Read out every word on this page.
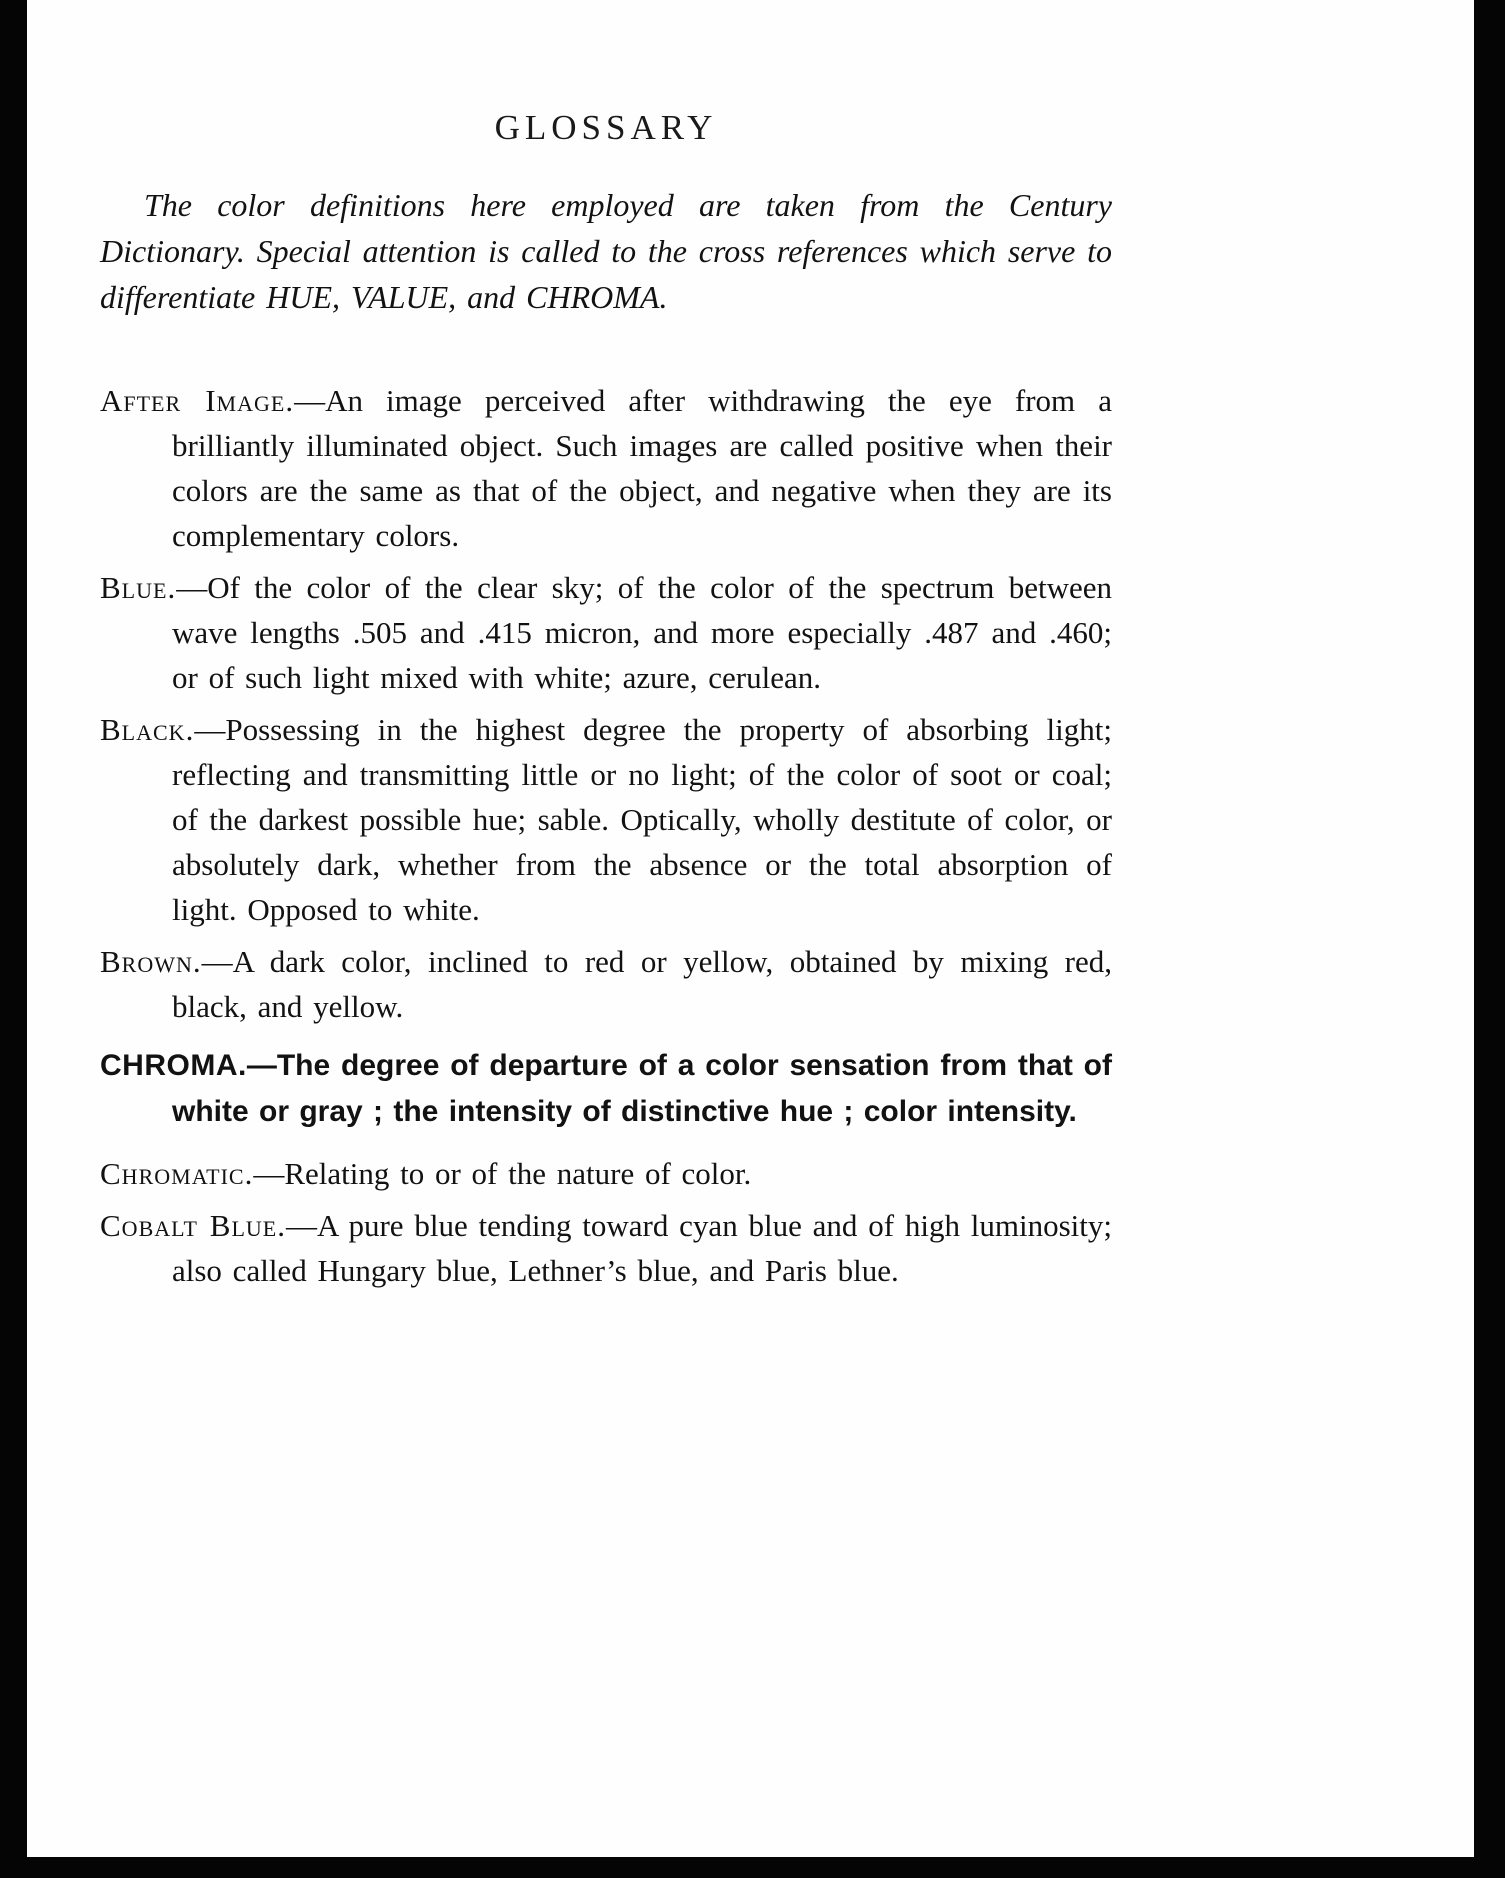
GLOSSARY

The color definitions here employed are taken from the Century Dictionary. Special attention is called to the cross references which serve to differentiate HUE, VALUE, and CHROMA.

After Image.—An image perceived after withdrawing the eye from a brilliantly illuminated object. Such images are called positive when their colors are the same as that of the object, and negative when they are its complementary colors.

Blue.—Of the color of the clear sky; of the color of the spectrum between wave lengths .505 and .415 micron, and more especially .487 and .460; or of such light mixed with white; azure, cerulean.

Black.—Possessing in the highest degree the property of absorbing light; reflecting and transmitting little or no light; of the color of soot or coal; of the darkest possible hue; sable. Optically, wholly destitute of color, or absolutely dark, whether from the absence or the total absorption of light. Opposed to white.

Brown.—A dark color, inclined to red or yellow, obtained by mixing red, black, and yellow.

CHROMA.—The degree of departure of a color sensation from that of white or gray ; the intensity of distinctive hue ; color intensity.

Chromatic.—Relating to or of the nature of color.

Cobalt Blue.—A pure blue tending toward cyan blue and of high luminosity; also called Hungary blue, Lethner’s blue, and Paris blue.
